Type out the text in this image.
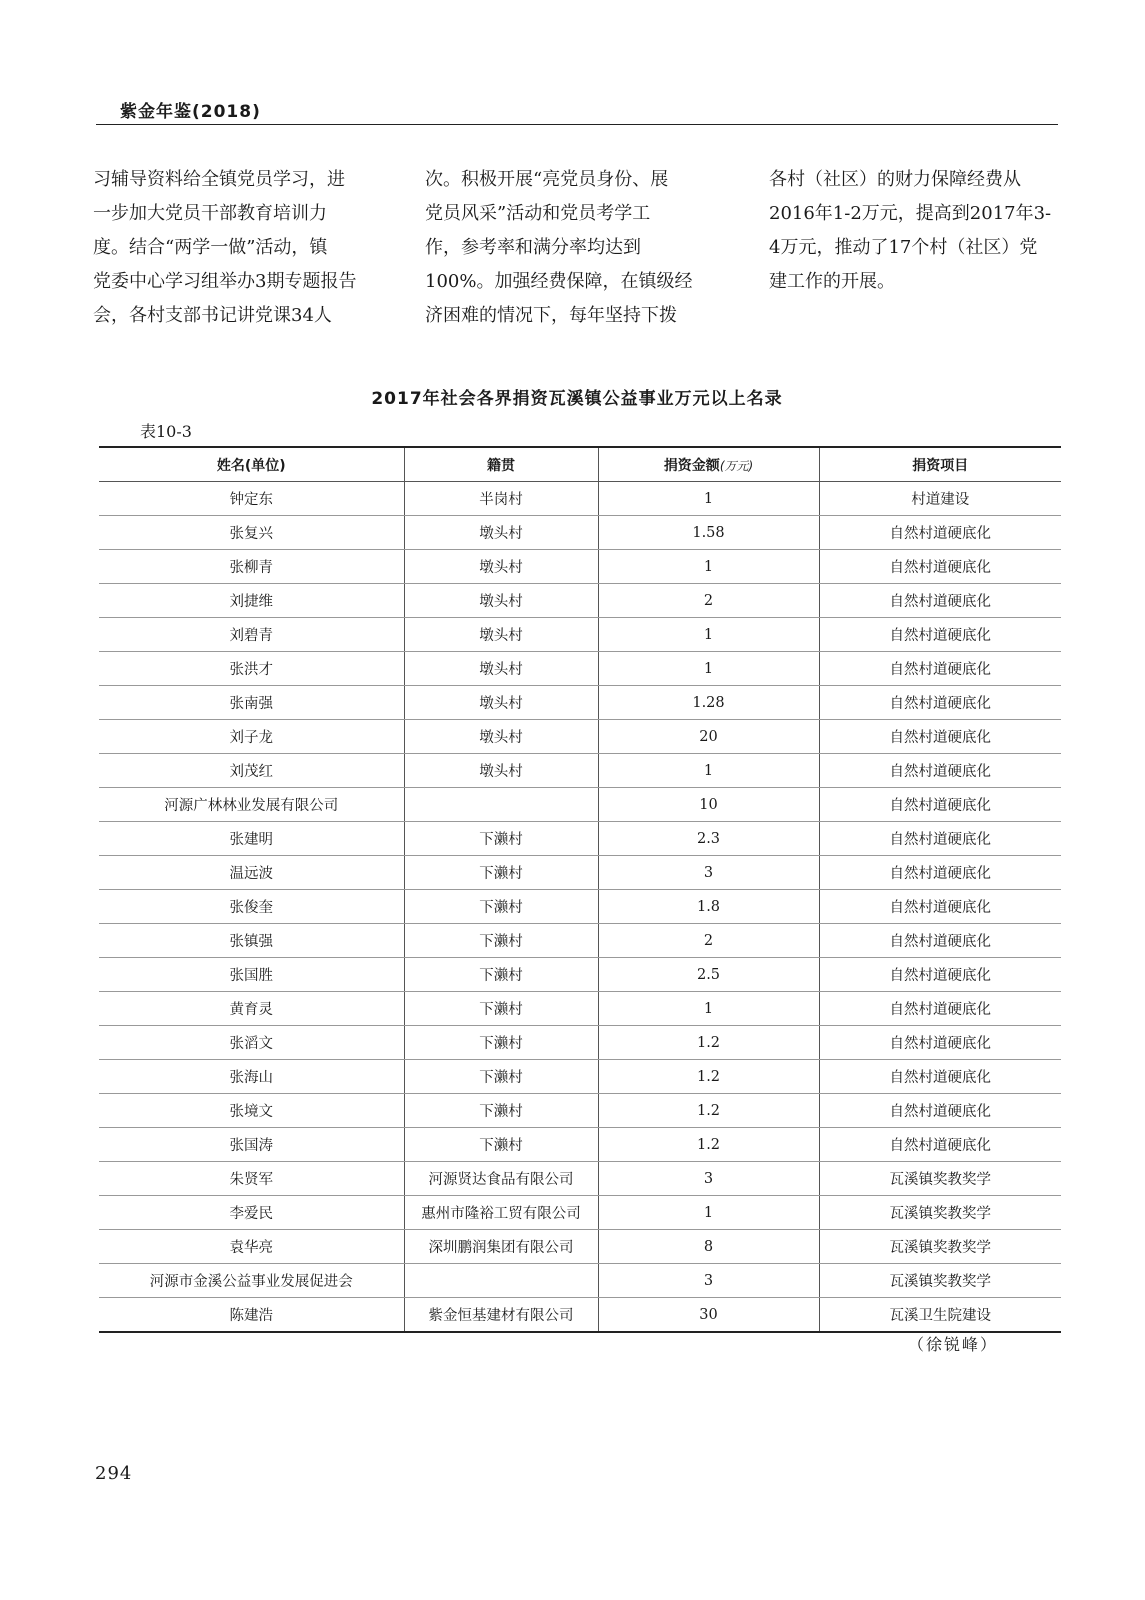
紫金年鉴(2018)
习辅导资料给全镇党员学习，进
一步加大党员干部教育培训力
度。结合“两学一做”活动，镇
党委中心学习组举办3期专题报告
会，各村支部书记讲党课34人
次。积极开展“亮党员身份、展
党员风采”活动和党员考学工
作，参考率和满分率均达到
100%。加强经费保障，在镇级经
济困难的情况下，每年坚持下拨
各村（社区）的财力保障经费从
2016年1-2万元，提高到2017年3-
4万元，推动了17个村（社区）党
建工作的开展。
2017年社会各界捐资瓦溪镇公益事业万元以上名录
表10-3
姓名(单位)	籍贯	捐资金额(万元)	捐资项目
钟定东	半岗村	1	村道建设
张复兴	墩头村	1.58	自然村道硬底化
张柳青	墩头村	1	自然村道硬底化
刘捷维	墩头村	2	自然村道硬底化
刘碧青	墩头村	1	自然村道硬底化
张洪才	墩头村	1	自然村道硬底化
张南强	墩头村	1.28	自然村道硬底化
刘子龙	墩头村	20	自然村道硬底化
刘茂红	墩头村	1	自然村道硬底化
河源广林林业发展有限公司		10	自然村道硬底化
张建明	下濑村	2.3	自然村道硬底化
温远波	下濑村	3	自然村道硬底化
张俊奎	下濑村	1.8	自然村道硬底化
张镇强	下濑村	2	自然村道硬底化
张国胜	下濑村	2.5	自然村道硬底化
黄育灵	下濑村	1	自然村道硬底化
张滔文	下濑村	1.2	自然村道硬底化
张海山	下濑村	1.2	自然村道硬底化
张境文	下濑村	1.2	自然村道硬底化
张国涛	下濑村	1.2	自然村道硬底化
朱贤军	河源贤达食品有限公司	3	瓦溪镇奖教奖学
李爱民	惠州市隆裕工贸有限公司	1	瓦溪镇奖教奖学
袁华亮	深圳鹏润集团有限公司	8	瓦溪镇奖教奖学
河源市金溪公益事业发展促进会		3	瓦溪镇奖教奖学
陈建浩	紫金恒基建材有限公司	30	瓦溪卫生院建设
（徐锐峰）
294
